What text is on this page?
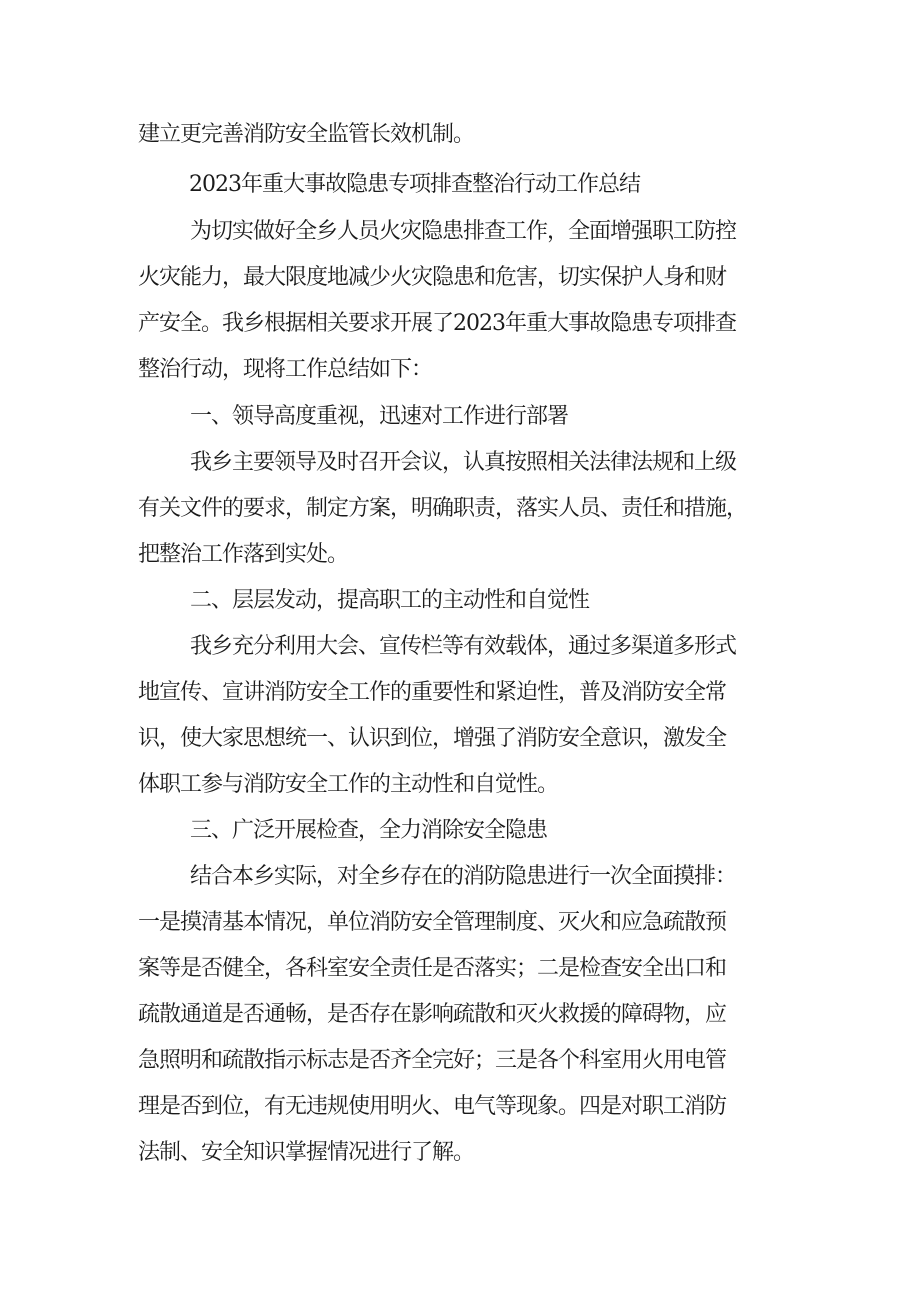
建立更完善消防安全监管长效机制。
2023年重大事故隐患专项排查整治行动工作总结
为切实做好全乡人员火灾隐患排查工作，全面增强职工防控
火灾能力，最大限度地减少火灾隐患和危害，切实保护人身和财
产安全。我乡根据相关要求开展了2023年重大事故隐患专项排查
整治行动，现将工作总结如下：
一、领导高度重视，迅速对工作进行部署
我乡主要领导及时召开会议，认真按照相关法律法规和上级
有关文件的要求，制定方案，明确职责，落实人员、责任和措施，
把整治工作落到实处。
二、层层发动，提高职工的主动性和自觉性
我乡充分利用大会、宣传栏等有效载体，通过多渠道多形式
地宣传、宣讲消防安全工作的重要性和紧迫性，普及消防安全常
识，使大家思想统一、认识到位，增强了消防安全意识，激发全
体职工参与消防安全工作的主动性和自觉性。
三、广泛开展检查，全力消除安全隐患
结合本乡实际，对全乡存在的消防隐患进行一次全面摸排：
一是摸清基本情况，单位消防安全管理制度、灭火和应急疏散预
案等是否健全，各科室安全责任是否落实；二是检查安全出口和
疏散通道是否通畅，是否存在影响疏散和灭火救援的障碍物，应
急照明和疏散指示标志是否齐全完好；三是各个科室用火用电管
理是否到位，有无违规使用明火、电气等现象。四是对职工消防
法制、安全知识掌握情况进行了解。
